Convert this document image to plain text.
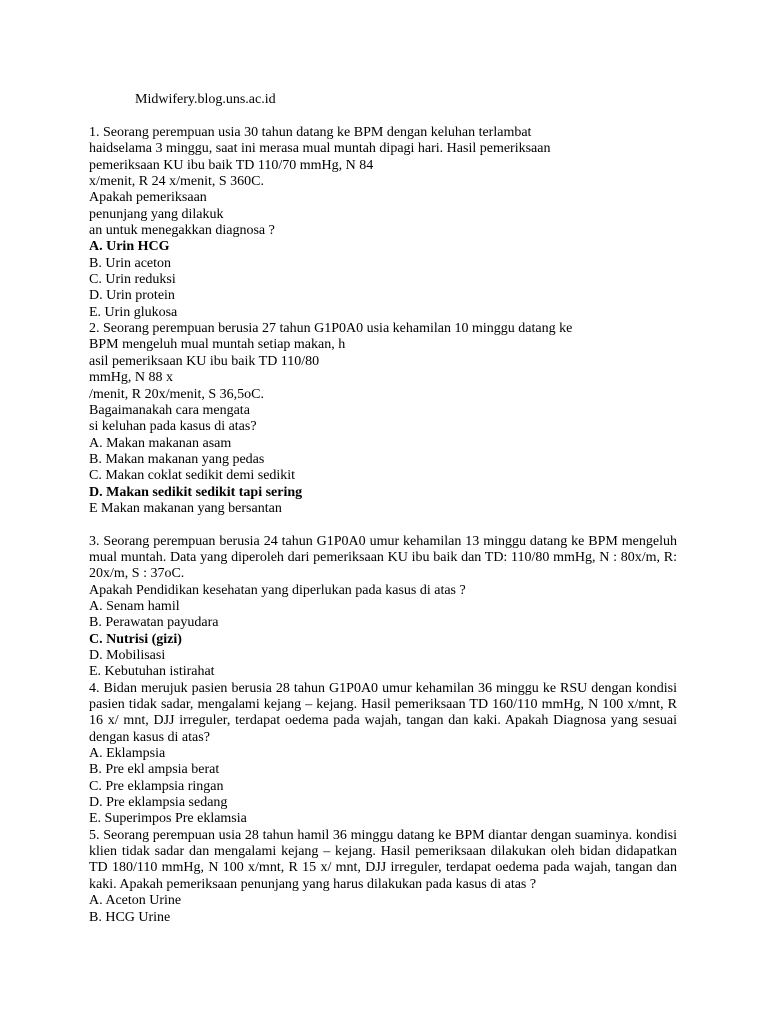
Midwifery.blog.uns.ac.id
1. Seorang perempuan usia 30 tahun datang ke BPM dengan keluhan terlambat
haidselama 3 minggu, saat ini merasa mual muntah dipagi hari. Hasil pemeriksaan
pemeriksaan KU ibu baik TD 110/70 mmHg, N 84
x/menit, R 24 x/menit, S 360C.
Apakah pemeriksaan
penunjang yang dilakuk
an untuk menegakkan diagnosa ?
A. Urin HCG
B. Urin aceton
C. Urin reduksi
D. Urin protein
E. Urin glukosa
2. Seorang perempuan berusia 27 tahun G1P0A0 usia kehamilan 10 minggu datang ke
BPM mengeluh mual muntah setiap makan, h
asil pemeriksaan KU ibu baik TD 110/80
mmHg, N 88 x
/menit, R 20x/menit, S 36,5oC.
Bagaimanakah cara mengata
si keluhan pada kasus di atas?
A. Makan makanan asam
B. Makan makanan yang pedas
C. Makan coklat sedikit demi sedikit
D. Makan sedikit sedikit tapi sering
E Makan makanan yang bersantan

3. Seorang perempuan berusia 24 tahun G1P0A0 umur kehamilan 13 minggu datang ke BPM mengeluh mual muntah. Data yang diperoleh dari pemeriksaan KU ibu baik dan TD: 110/80 mmHg, N : 80x/m, R: 20x/m, S : 37oC.

Apakah Pendidikan kesehatan yang diperlukan pada kasus di atas ?
A. Senam hamil
B. Perawatan payudara
C. Nutrisi (gizi)
D. Mobilisasi
E. Kebutuhan istirahat

4. Bidan merujuk pasien berusia 28 tahun G1P0A0 umur kehamilan 36 minggu ke RSU dengan kondisi pasien tidak sadar, mengalami kejang – kejang. Hasil pemeriksaan TD 160/110 mmHg, N 100 x/mnt, R 16 x/ mnt, DJJ irreguler, terdapat oedema pada wajah, tangan dan kaki. Apakah Diagnosa yang sesuai dengan kasus di atas?

A. Eklampsia
B. Pre ekl ampsia berat
C. Pre eklampsia ringan
D. Pre eklampsia sedang
E. Superimpos Pre eklamsia

5. Seorang perempuan usia 28 tahun hamil 36 minggu datang ke BPM diantar dengan suaminya. kondisi klien tidak sadar dan mengalami kejang – kejang. Hasil pemeriksaan dilakukan oleh bidan didapatkan TD 180/110 mmHg, N 100 x/mnt, R 15 x/ mnt, DJJ irreguler, terdapat oedema pada wajah, tangan dan kaki. Apakah pemeriksaan penunjang yang harus dilakukan pada kasus di atas ?

A. Aceton Urine
B. HCG Urine
